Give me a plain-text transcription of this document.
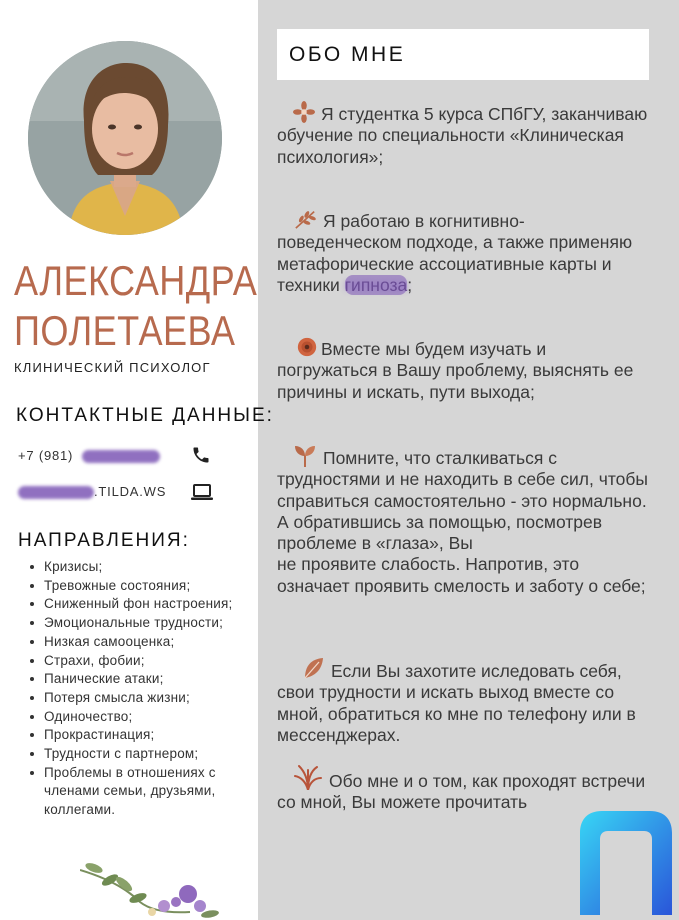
АЛЕКСАНДРА
ПОЛЕТАЕВА
КЛИНИЧЕСКИЙ ПСИХОЛОГ
КОНТАКТНЫЕ ДАННЫЕ:
+7 (981)
.TILDA.WS
НАПРАВЛЕНИЯ:
Кризисы;
Тревожные состояния;
Сниженный фон настроения;
Эмоциональные трудности;
Низкая самооценка;
Страхи, фобии;
Панические атаки;
Потеря смысла жизни;
Одиночество;
Прокрастинация;
Трудности с партнером;
Проблемы в отношениях с членами семьи, друзьями, коллегами.
ОБО МНЕ
Я студентка 5 курса СПбГУ, заканчиваю обучение по специальности «Клиническая психология»;
Я работаю в когнитивно-поведенческом подходе, а также применяю метафорические ассоциативные карты и техники гипноза;
Вместе мы будем изучать и погружаться в Вашу проблему, выяснять ее причины и искать, пути выхода;
Помните, что сталкиваться с трудностями и не находить в себе сил, чтобы справиться самостоятельно - это нормально.
А обратившись за помощью, посмотрев проблеме в «глаза», Вы
не проявите слабость. Напротив, это означает проявить смелость и заботу о себе;
Если Вы захотите иследовать себя, свои трудности и искать выход вместе со мной, обратиться ко мне по телефону или в мессенджерах.
Обо мне и о том, как проходят встречи со мной, Вы можете прочитать
